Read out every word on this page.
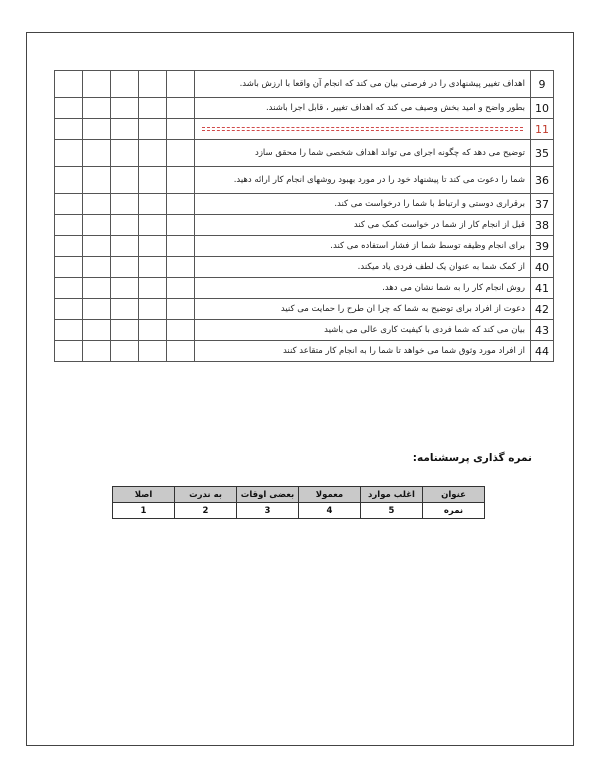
9	اهداف تغییر پیشنهادی را در فرصتی بیان می کند که انجام آن واقعا با ارزش باشد.					
10	بطور واضح و امید بخش وصیف می کند که اهداف تغییر ، قابل اجرا باشند.					
11	

35	توضیح می دهد که چگونه اجرای می تواند اهداف شخصی شما را محقق سازد					
36	شما را دعوت می کند تا پیشنهاد خود را در مورد بهبود روشهای انجام کار ارائه دهید.					
37	برقراری دوستی و ارتباط با شما را درخواست می کند.					
38	قبل از انجام کار از شما در خواست کمک می کند					
39	برای انجام وظیفه توسط شما از فشار استفاده می کند.					
40	از کمک شما به عنوان یک لطف فردی یاد میکند.					
41	روش انجام کار را به شما نشان می دهد.					
42	دعوت از افراد برای توضیح به شما که چرا ان طرح را حمایت می کنید					
43	بیان می کند که شما فردی با کیفیت کاری عالی می باشید					
44	از افراد مورد وثوق شما می خواهد تا شما را به انجام کار متقاعد کنند					
نمره گذاری پرسشنامه:
عنوان	اغلب موارد	معمولا	بعضی اوقات	به ندرت	اصلا
نمره	5	4	3	2	1
